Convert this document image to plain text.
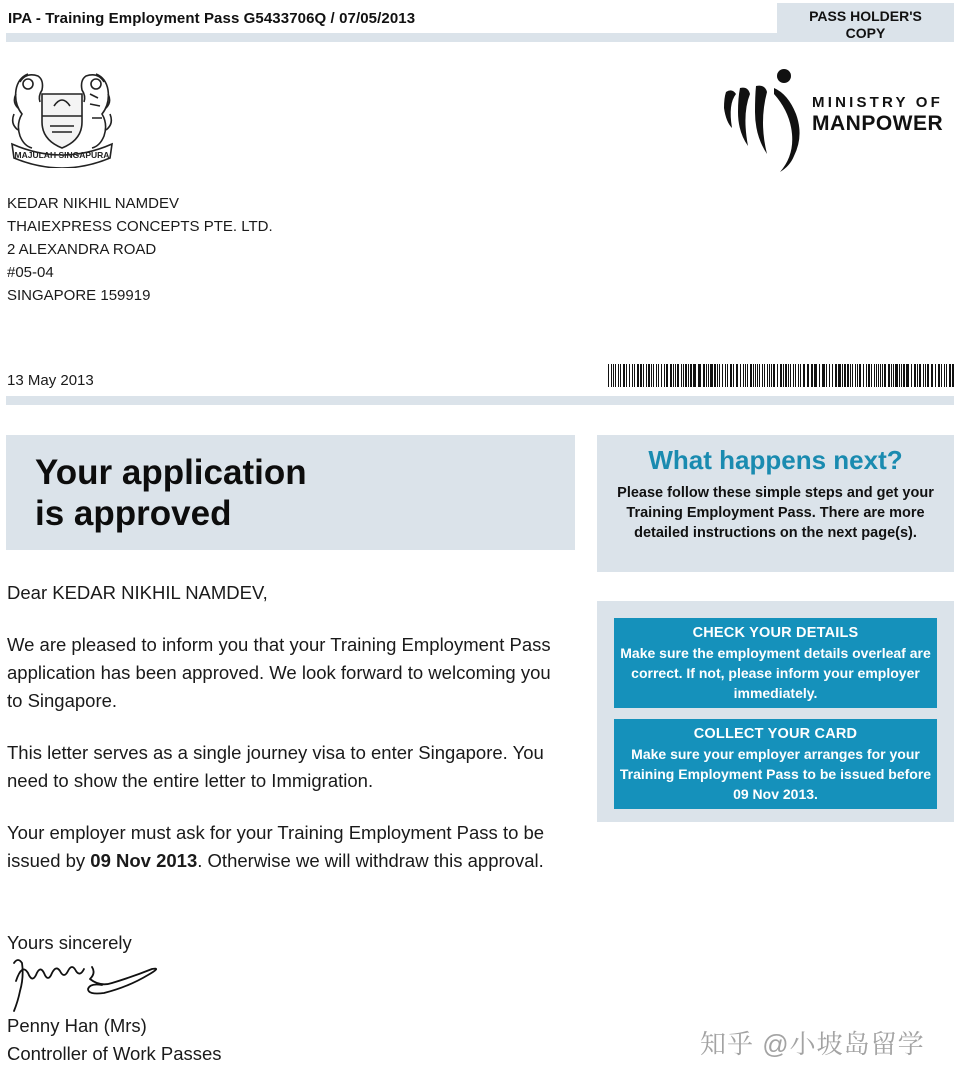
IPA - Training Employment Pass G5433706Q / 07/05/2013	PASS HOLDER'S
COPY
MAJULAH SINGAPURA
MINISTRY OF
MANPOWER
KEDAR NIKHIL NAMDEV
THAIEXPRESS CONCEPTS PTE. LTD.
2 ALEXANDRA ROAD
#05-04
SINGAPORE 159919
13 May 2013
Your application
is approved
What happens next?
Please follow these simple steps and get your Training Employment Pass. There are more detailed instructions on the next page(s).
CHECK YOUR DETAILS
Make sure the employment details overleaf are correct. If not, please inform your employer immediately.
COLLECT YOUR CARD
Make sure your employer arranges for your Training Employment Pass to be issued before 09 Nov 2013.
Dear KEDAR NIKHIL NAMDEV,
We are pleased to inform you that your Training Employment Pass application has been approved. We look forward to welcoming you to Singapore.
This letter serves as a single journey visa to enter Singapore. You need to show the entire letter to Immigration.
Your employer must ask for your Training Employment Pass to be issued by 09 Nov 2013. Otherwise we will withdraw this approval.
Yours sincerely
Penny Han (Mrs)
Controller of Work Passes	知乎 @小坡岛留学
